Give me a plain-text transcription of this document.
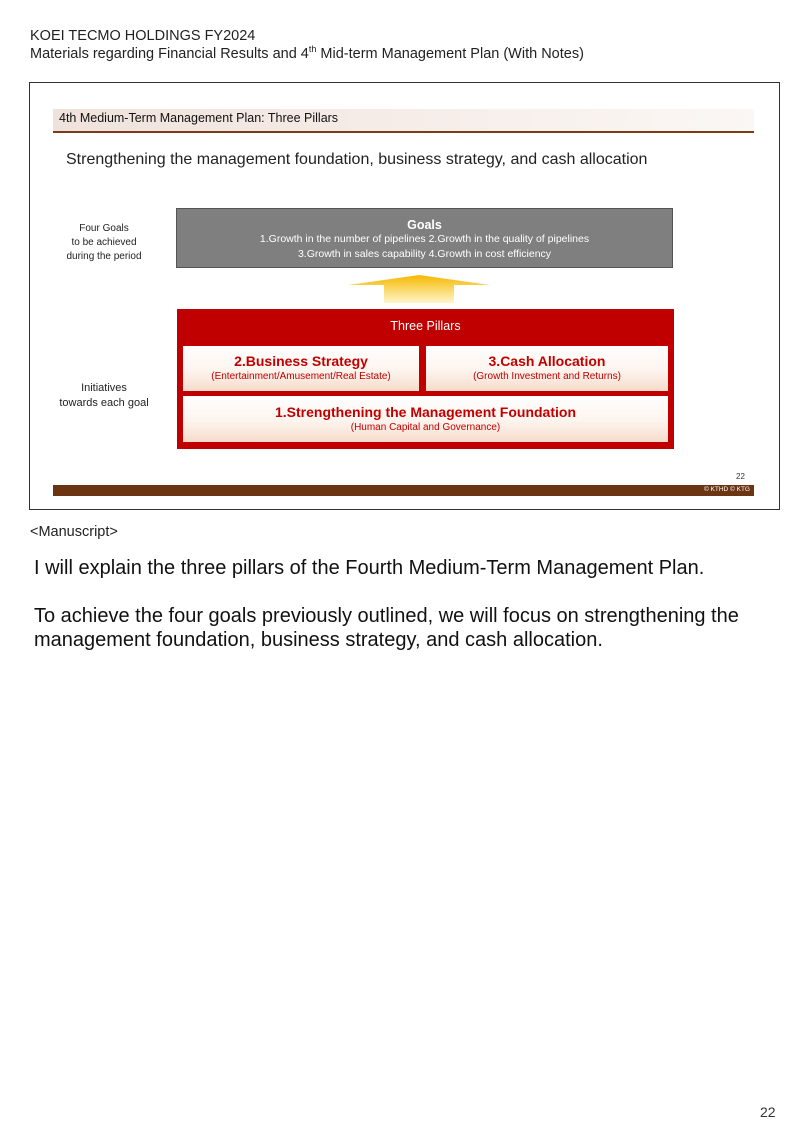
KOEI TECMO HOLDINGS FY2024
Materials regarding Financial Results and 4th Mid-term Management Plan (With Notes)
4th Medium-Term Management Plan: Three Pillars
Strengthening the management foundation, business strategy, and cash allocation
Four Goals
to be achieved
during the period
Goals
1.Growth in the number of pipelines 2.Growth in the quality of pipelines
3.Growth in sales capability 4.Growth in cost efficiency
Initiatives
towards each goal
Three Pillars
2.Business Strategy
(Entertainment/Amusement/Real Estate)
3.Cash Allocation
(Growth Investment and Returns)
1.Strengthening the Management Foundation
(Human Capital and Governance)
22
© KTHD © KTG
<Manuscript>

I will explain the three pillars of the Fourth Medium-Term Management Plan.

To achieve the four goals previously outlined, we will focus on strengthening the management foundation, business strategy, and cash allocation.

22
